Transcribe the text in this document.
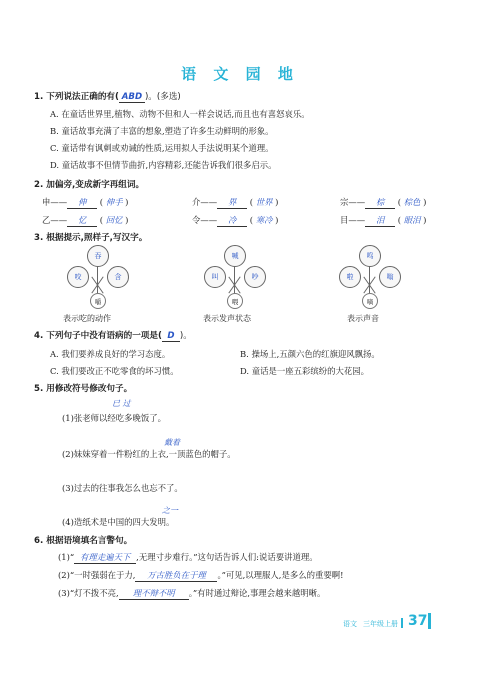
语 文 园 地
1. 下列说法正确的有( ABD )。(多选)
A. 在童话世界里,植物、动物不但和人一样会说话,而且也有喜怒哀乐。
B. 童话故事充满了丰富的想象,塑造了许多生动鲜明的形象。
C. 童话带有讽刺或劝诫的性质,运用拟人手法说明某个道理。
D. 童话故事不但情节曲折,内容精彩,还能告诉我们很多启示。
2. 加偏旁,变成新字再组词。
申—— 伸 ( 伸手 )	介—— 界 ( 世界 )	宗—— 棕 ( 棕色 )
乙—— 忆 ( 回忆 )	令—— 冷 ( 寒冷 )	目—— 泪 ( 眼泪 )
3. 根据提示,照样子,写汉字。
吞
咬	含
嚼
表示吃的动作
喊
叫	吵
喂
表示发声状态
鸣
啦	嗡
嘀
表示声音
4. 下列句子中没有语病的一项是( D )。
A. 我们要养成良好的学习态度。	B. 操场上,五颜六色的红旗迎风飘扬。
C. 我们要改正不吃零食的坏习惯。	D. 童话是一座五彩缤纷的大花园。
5. 用修改符号修改句子。
已 过
(1)张老师以经吃多晚饭了。
戴着
(2)妹妹穿着一件粉红的上衣,一顶蓝色的帽子。
(3)过去的往事我怎么也忘不了。
之一
(4)造纸术是中国的四大发明。
6. 根据语境填名言警句。
(1)“ 有理走遍天下 ,无理寸步难行。”这句话告诉人们:说话要讲道理。
(2)“一时强弱在于力, 万古胜负在于理 。”可见,以理服人,是多么的重要啊!
(3)“灯不拨不亮, 理不辩不明 。”有时通过辩论,事理会越来越明晰。
语文 三年级上册 37
